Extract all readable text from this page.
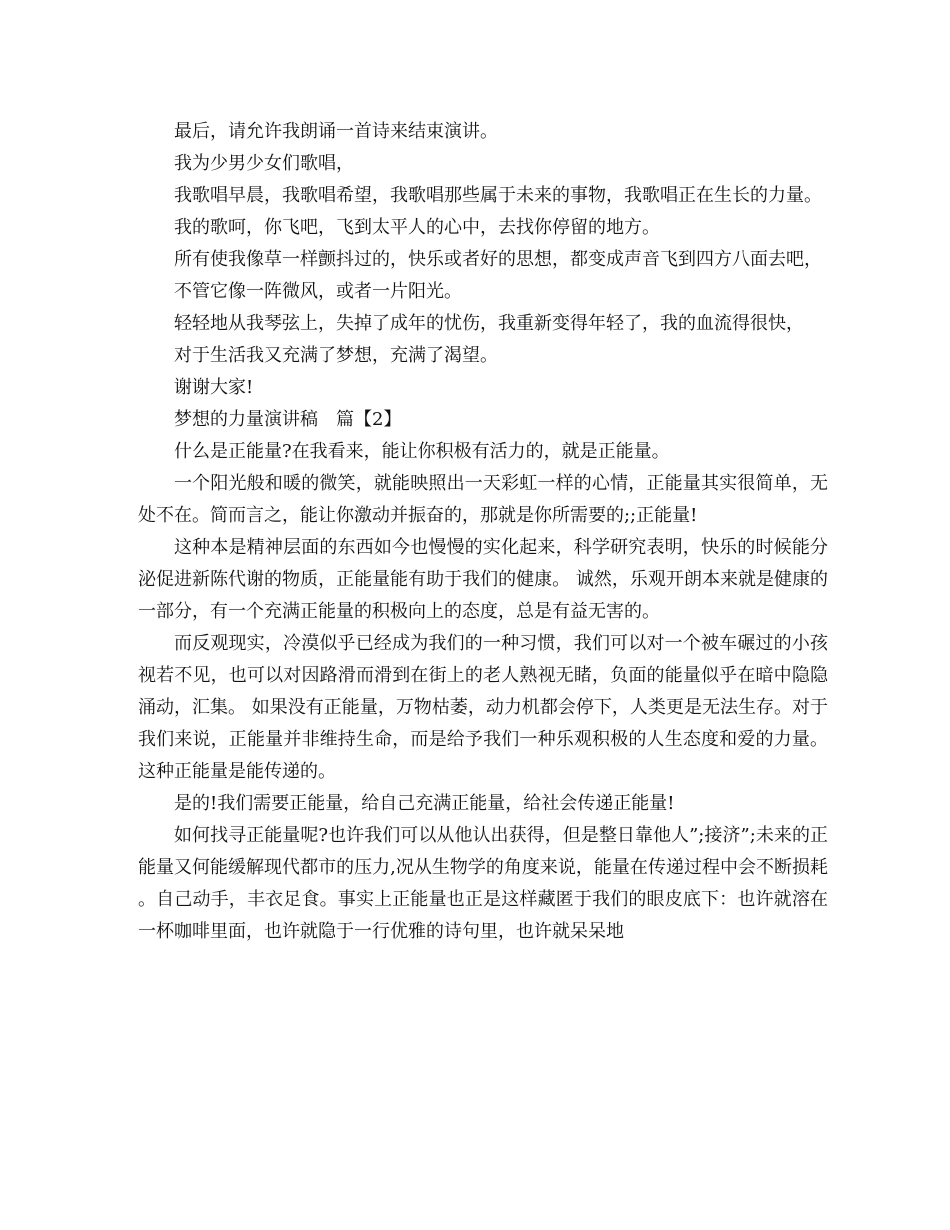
最后，请允许我朗诵一首诗来结束演讲。

我为少男少女们歌唱，

我歌唱早晨，我歌唱希望，我歌唱那些属于未来的事物，我歌唱正在生长的力量。

我的歌呵，你飞吧，飞到太平人的心中，去找你停留的地方。

所有使我像草一样颤抖过的，快乐或者好的思想，都变成声音飞到四方八面去吧，

不管它像一阵微风，或者一片阳光。

轻轻地从我琴弦上，失掉了成年的忧伤，我重新变得年轻了，我的血流得很快，

对于生活我又充满了梦想，充满了渴望。

谢谢大家!

梦想的力量演讲稿　篇【2】

什么是正能量?在我看来，能让你积极有活力的，就是正能量。

一个阳光般和暖的微笑，就能映照出一天彩虹一样的心情，正能量其实很简单，无处不在。简而言之，能让你激动并振奋的，那就是你所需要的;;正能量!

这种本是精神层面的东西如今也慢慢的实化起来，科学研究表明，快乐的时候能分泌促进新陈代谢的物质，正能量能有助于我们的健康。 诚然，乐观开朗本来就是健康的一部分，有一个充满正能量的积极向上的态度，总是有益无害的。

而反观现实，冷漠似乎已经成为我们的一种习惯，我们可以对一个被车碾过的小孩视若不见，也可以对因路滑而滑到在街上的老人熟视无睹，负面的能量似乎在暗中隐隐涌动，汇集。 如果没有正能量，万物枯萎，动力机都会停下，人类更是无法生存。对于我们来说，正能量并非维持生命，而是给予我们一种乐观积极的人生态度和爱的力量。这种正能量是能传递的。

是的!我们需要正能量，给自己充满正能量，给社会传递正能量!

如何找寻正能量呢?也许我们可以从他认出获得，但是整日靠他人”;接济”;未来的正能量又何能缓解现代都市的压力,况从生物学的角度来说，能量在传递过程中会不断损耗。自己动手，丰衣足食。事实上正能量也正是这样藏匿于我们的眼皮底下：也许就溶在一杯咖啡里面，也许就隐于一行优雅的诗句里，也许就呆呆地
